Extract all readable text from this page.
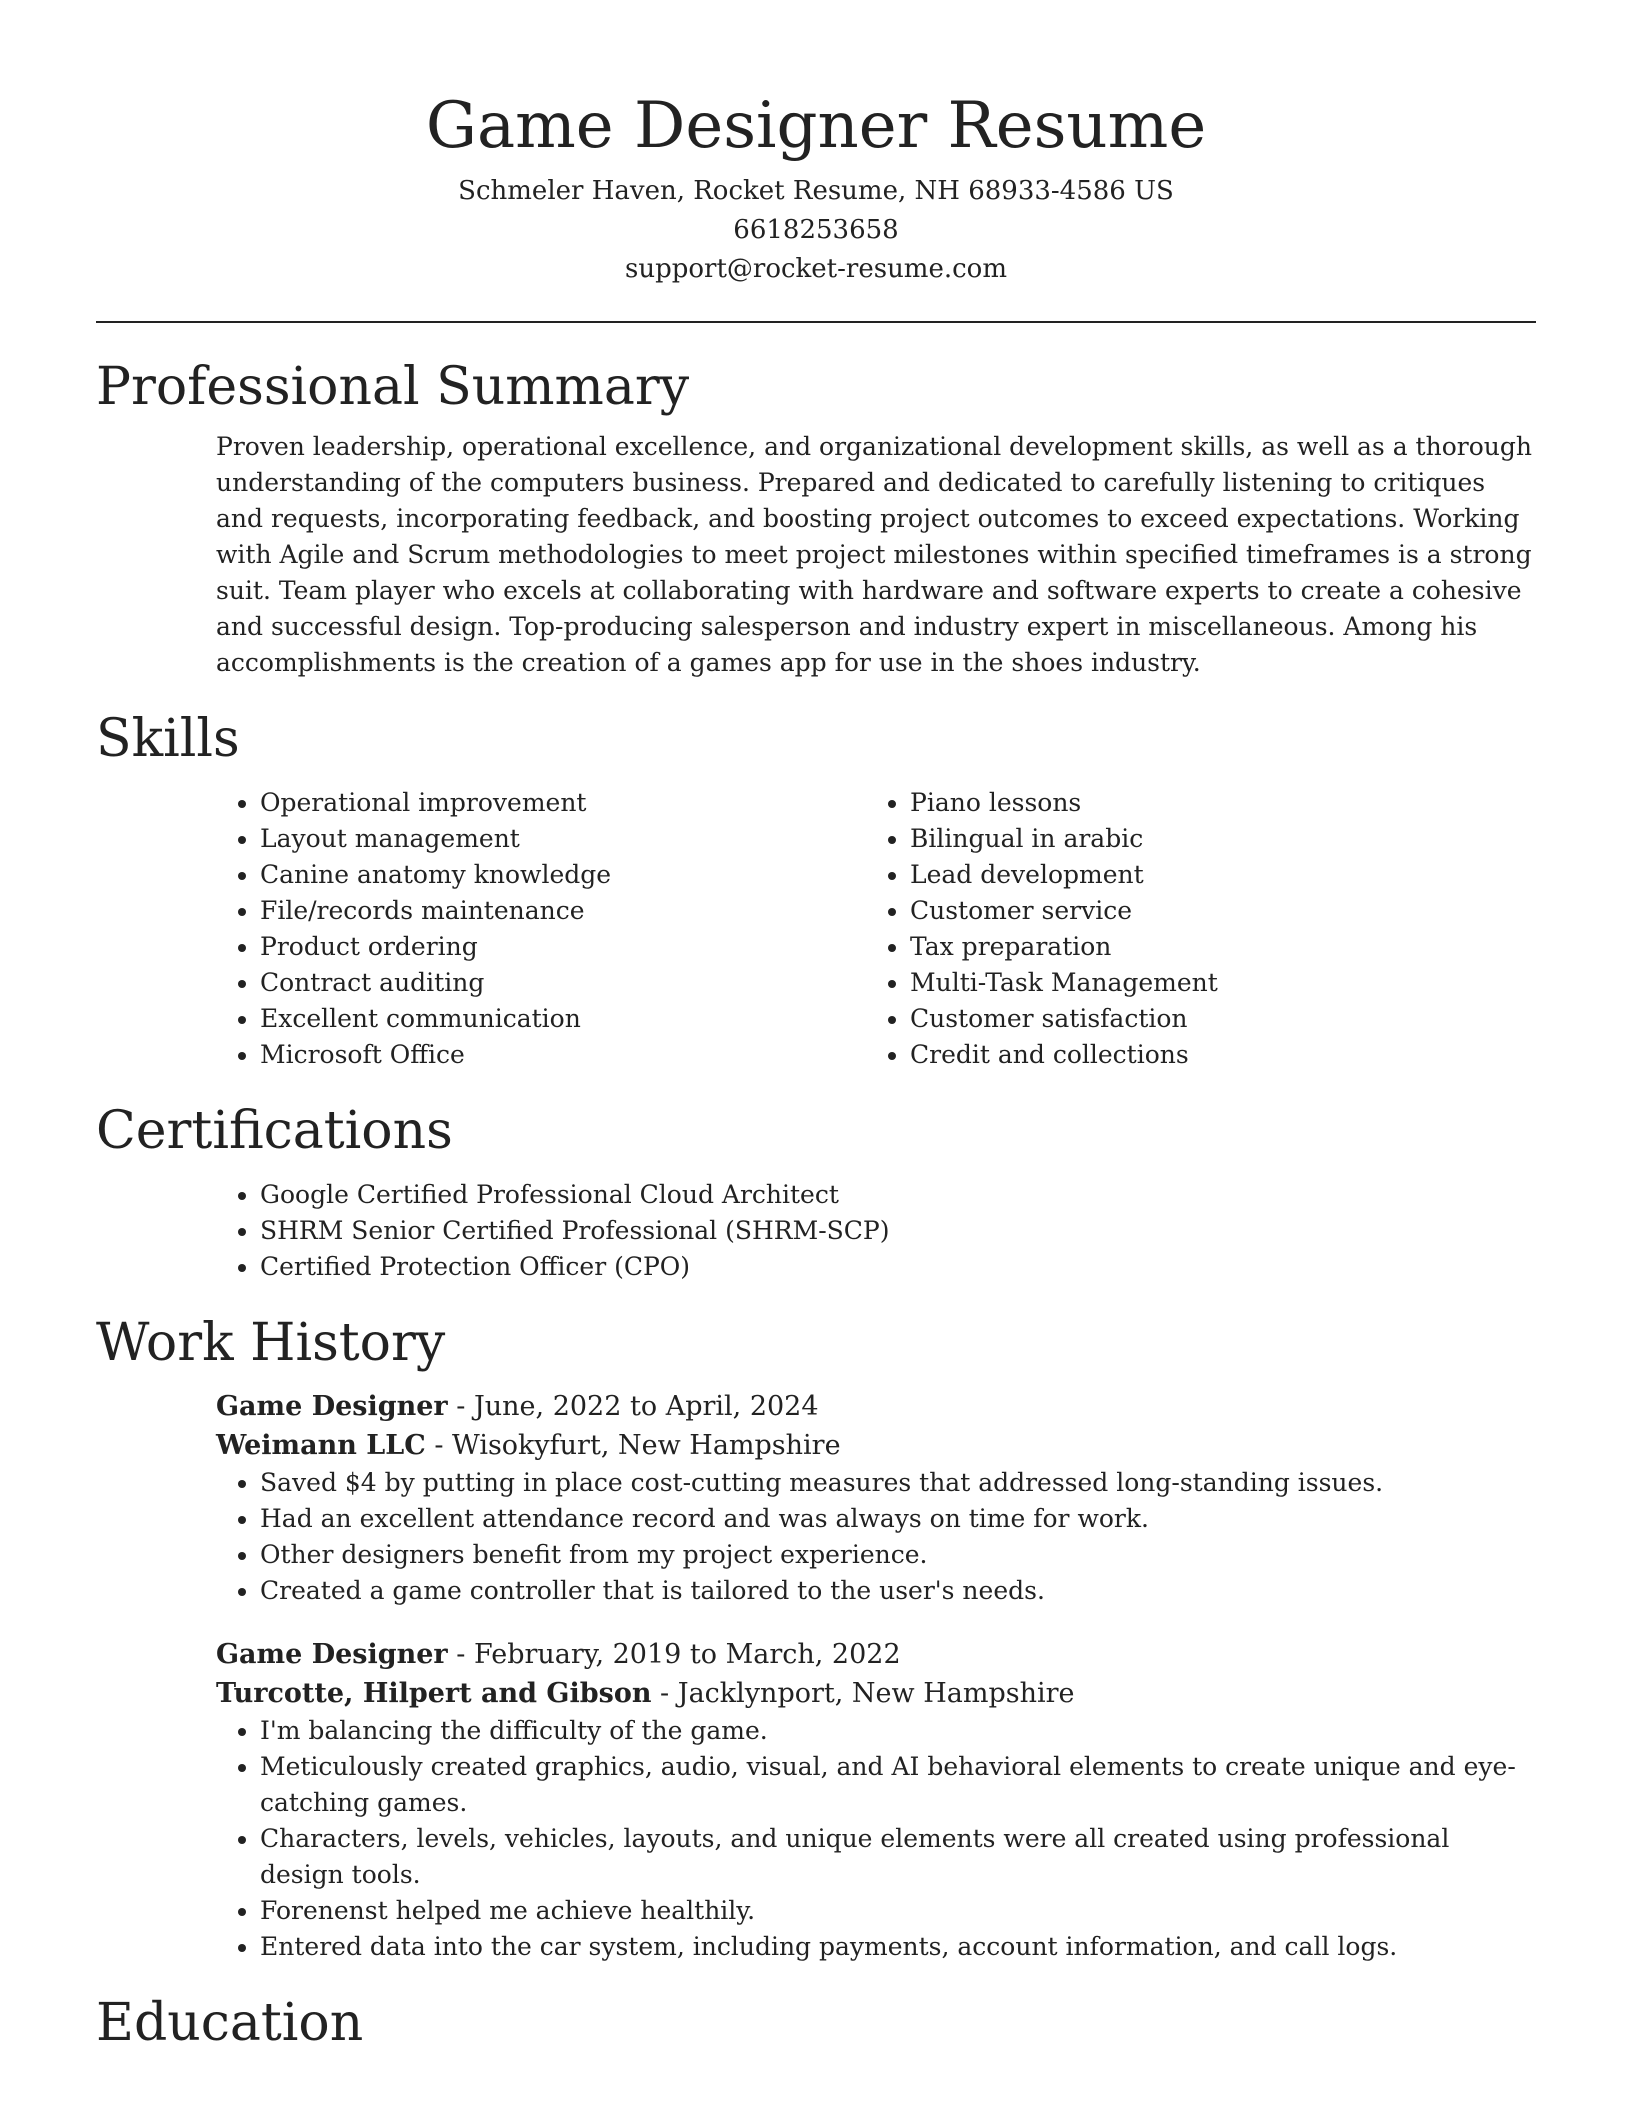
Game Designer Resume
Schmeler Haven, Rocket Resume, NH 68933-4586 US
6618253658
support@rocket-resume.com
Professional Summary

Proven leadership, operational excellence, and organizational development skills, as well as a thorough understanding of the computers business. Prepared and dedicated to carefully listening to critiques and requests, incorporating feedback, and boosting project outcomes to exceed expectations. Working with Agile and Scrum methodologies to meet project milestones within specified timeframes is a strong suit. Team player who excels at collaborating with hardware and software experts to create a cohesive and successful design. Top-producing salesperson and industry expert in miscellaneous. Among his accomplishments is the creation of a games app for use in the shoes industry.

Skills
• Operational improvement
• Layout management
• Canine anatomy knowledge
• File/records maintenance
• Product ordering
• Contract auditing
• Excellent communication
• Microsoft Office
• Piano lessons
• Bilingual in arabic
• Lead development
• Customer service
• Tax preparation
• Multi-Task Management
• Customer satisfaction
• Credit and collections
Certifications
• Google Certified Professional Cloud Architect
• SHRM Senior Certified Professional (SHRM-SCP)
• Certified Protection Officer (CPO)
Work History
Game Designer - June, 2022 to April, 2024
Weimann LLC - Wisokyfurt, New Hampshire
• Saved $4 by putting in place cost-cutting measures that addressed long-standing issues.
• Had an excellent attendance record and was always on time for work.
• Other designers benefit from my project experience.
• Created a game controller that is tailored to the user's needs.
Game Designer - February, 2019 to March, 2022
Turcotte, Hilpert and Gibson - Jacklynport, New Hampshire
• I'm balancing the difficulty of the game.
• Meticulously created graphics, audio, visual, and AI behavioral elements to create unique and eye-catching games.
• Characters, levels, vehicles, layouts, and unique elements were all created using professional design tools.
• Forenenst helped me achieve healthily.
• Entered data into the car system, including payments, account information, and call logs.
Education
